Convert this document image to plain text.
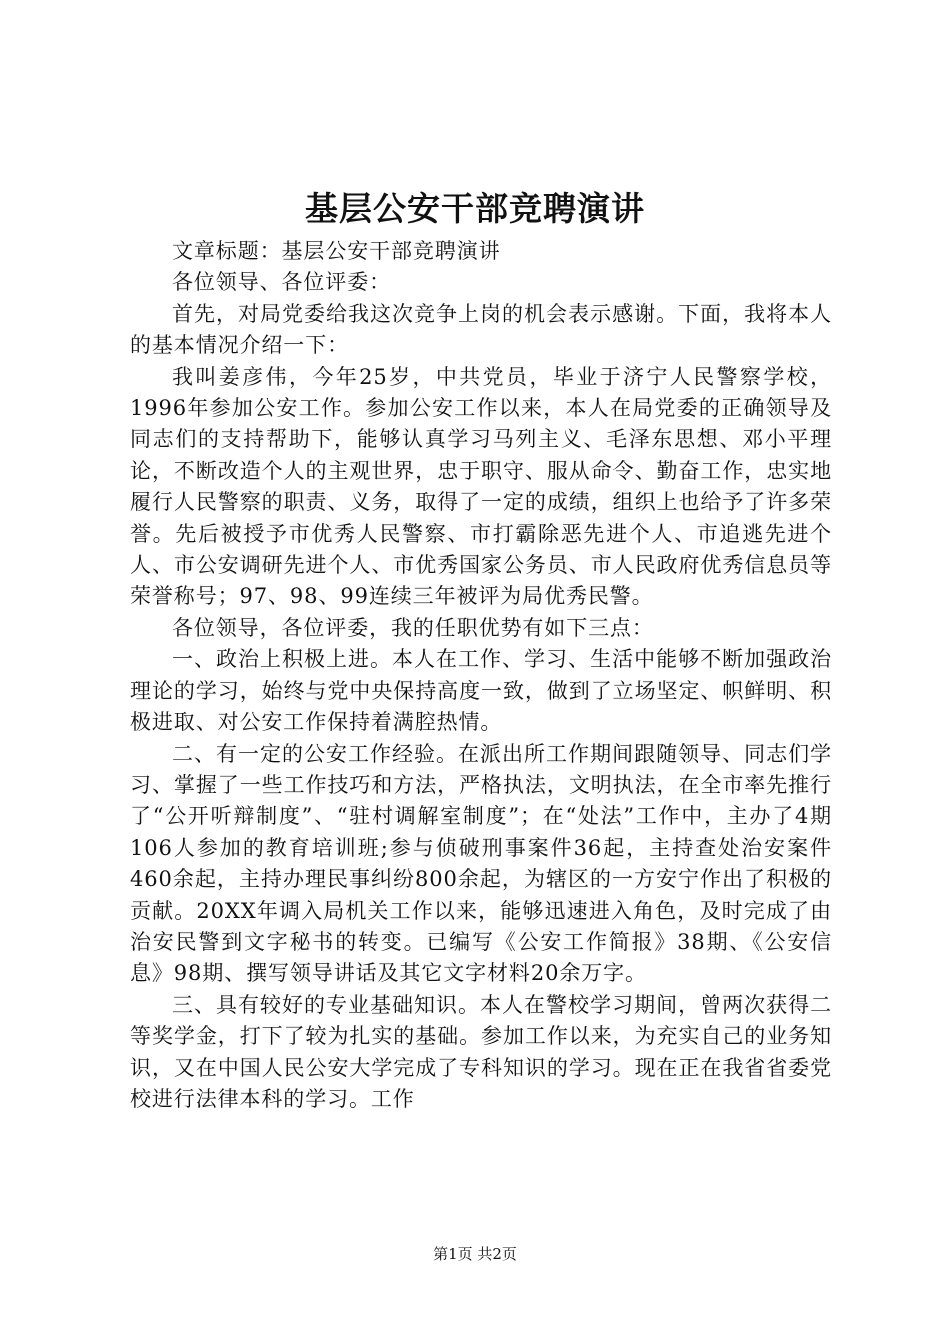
基层公安干部竞聘演讲

文章标题：基层公安干部竞聘演讲

各位领导、各位评委：

首先，对局党委给我这次竞争上岗的机会表示感谢。下面，我将本人的基本情况介绍一下：

我叫姜彦伟，今年25岁，中共党员，毕业于济宁人民警察学校，1996年参加公安工作。参加公安工作以来，本人在局党委的正确领导及同志们的支持帮助下，能够认真学习马列主义、毛泽东思想、邓小平理论，不断改造个人的主观世界，忠于职守、服从命令、勤奋工作，忠实地履行人民警察的职责、义务，取得了一定的成绩，组织上也给予了许多荣誉。先后被授予市优秀人民警察、市打霸除恶先进个人、市追逃先进个人、市公安调研先进个人、市优秀国家公务员、市人民政府优秀信息员等荣誉称号；97、98、99连续三年被评为局优秀民警。

各位领导，各位评委，我的任职优势有如下三点：

一、政治上积极上进。本人在工作、学习、生活中能够不断加强政治理论的学习，始终与党中央保持高度一致，做到了立场坚定、帜鲜明、积极进取、对公安工作保持着满腔热情。

二、有一定的公安工作经验。在派出所工作期间跟随领导、同志们学习、掌握了一些工作技巧和方法，严格执法，文明执法，在全市率先推行了“公开听辩制度”、“驻村调解室制度”；在“处法”工作中，主办了4期106人参加的教育培训班;参与侦破刑事案件36起，主持查处治安案件460余起，主持办理民事纠纷800余起，为辖区的一方安宁作出了积极的贡献。20XX年调入局机关工作以来，能够迅速进入角色，及时完成了由治安民警到文字秘书的转变。已编写《公安工作简报》38期、《公安信息》98期、撰写领导讲话及其它文字材料20余万字。

三、具有较好的专业基础知识。本人在警校学习期间，曾两次获得二等奖学金，打下了较为扎实的基础。参加工作以来，为充实自己的业务知识，又在中国人民公安大学完成了专科知识的学习。现在正在我省省委党校进行法律本科的学习。工作

第1页 共2页
